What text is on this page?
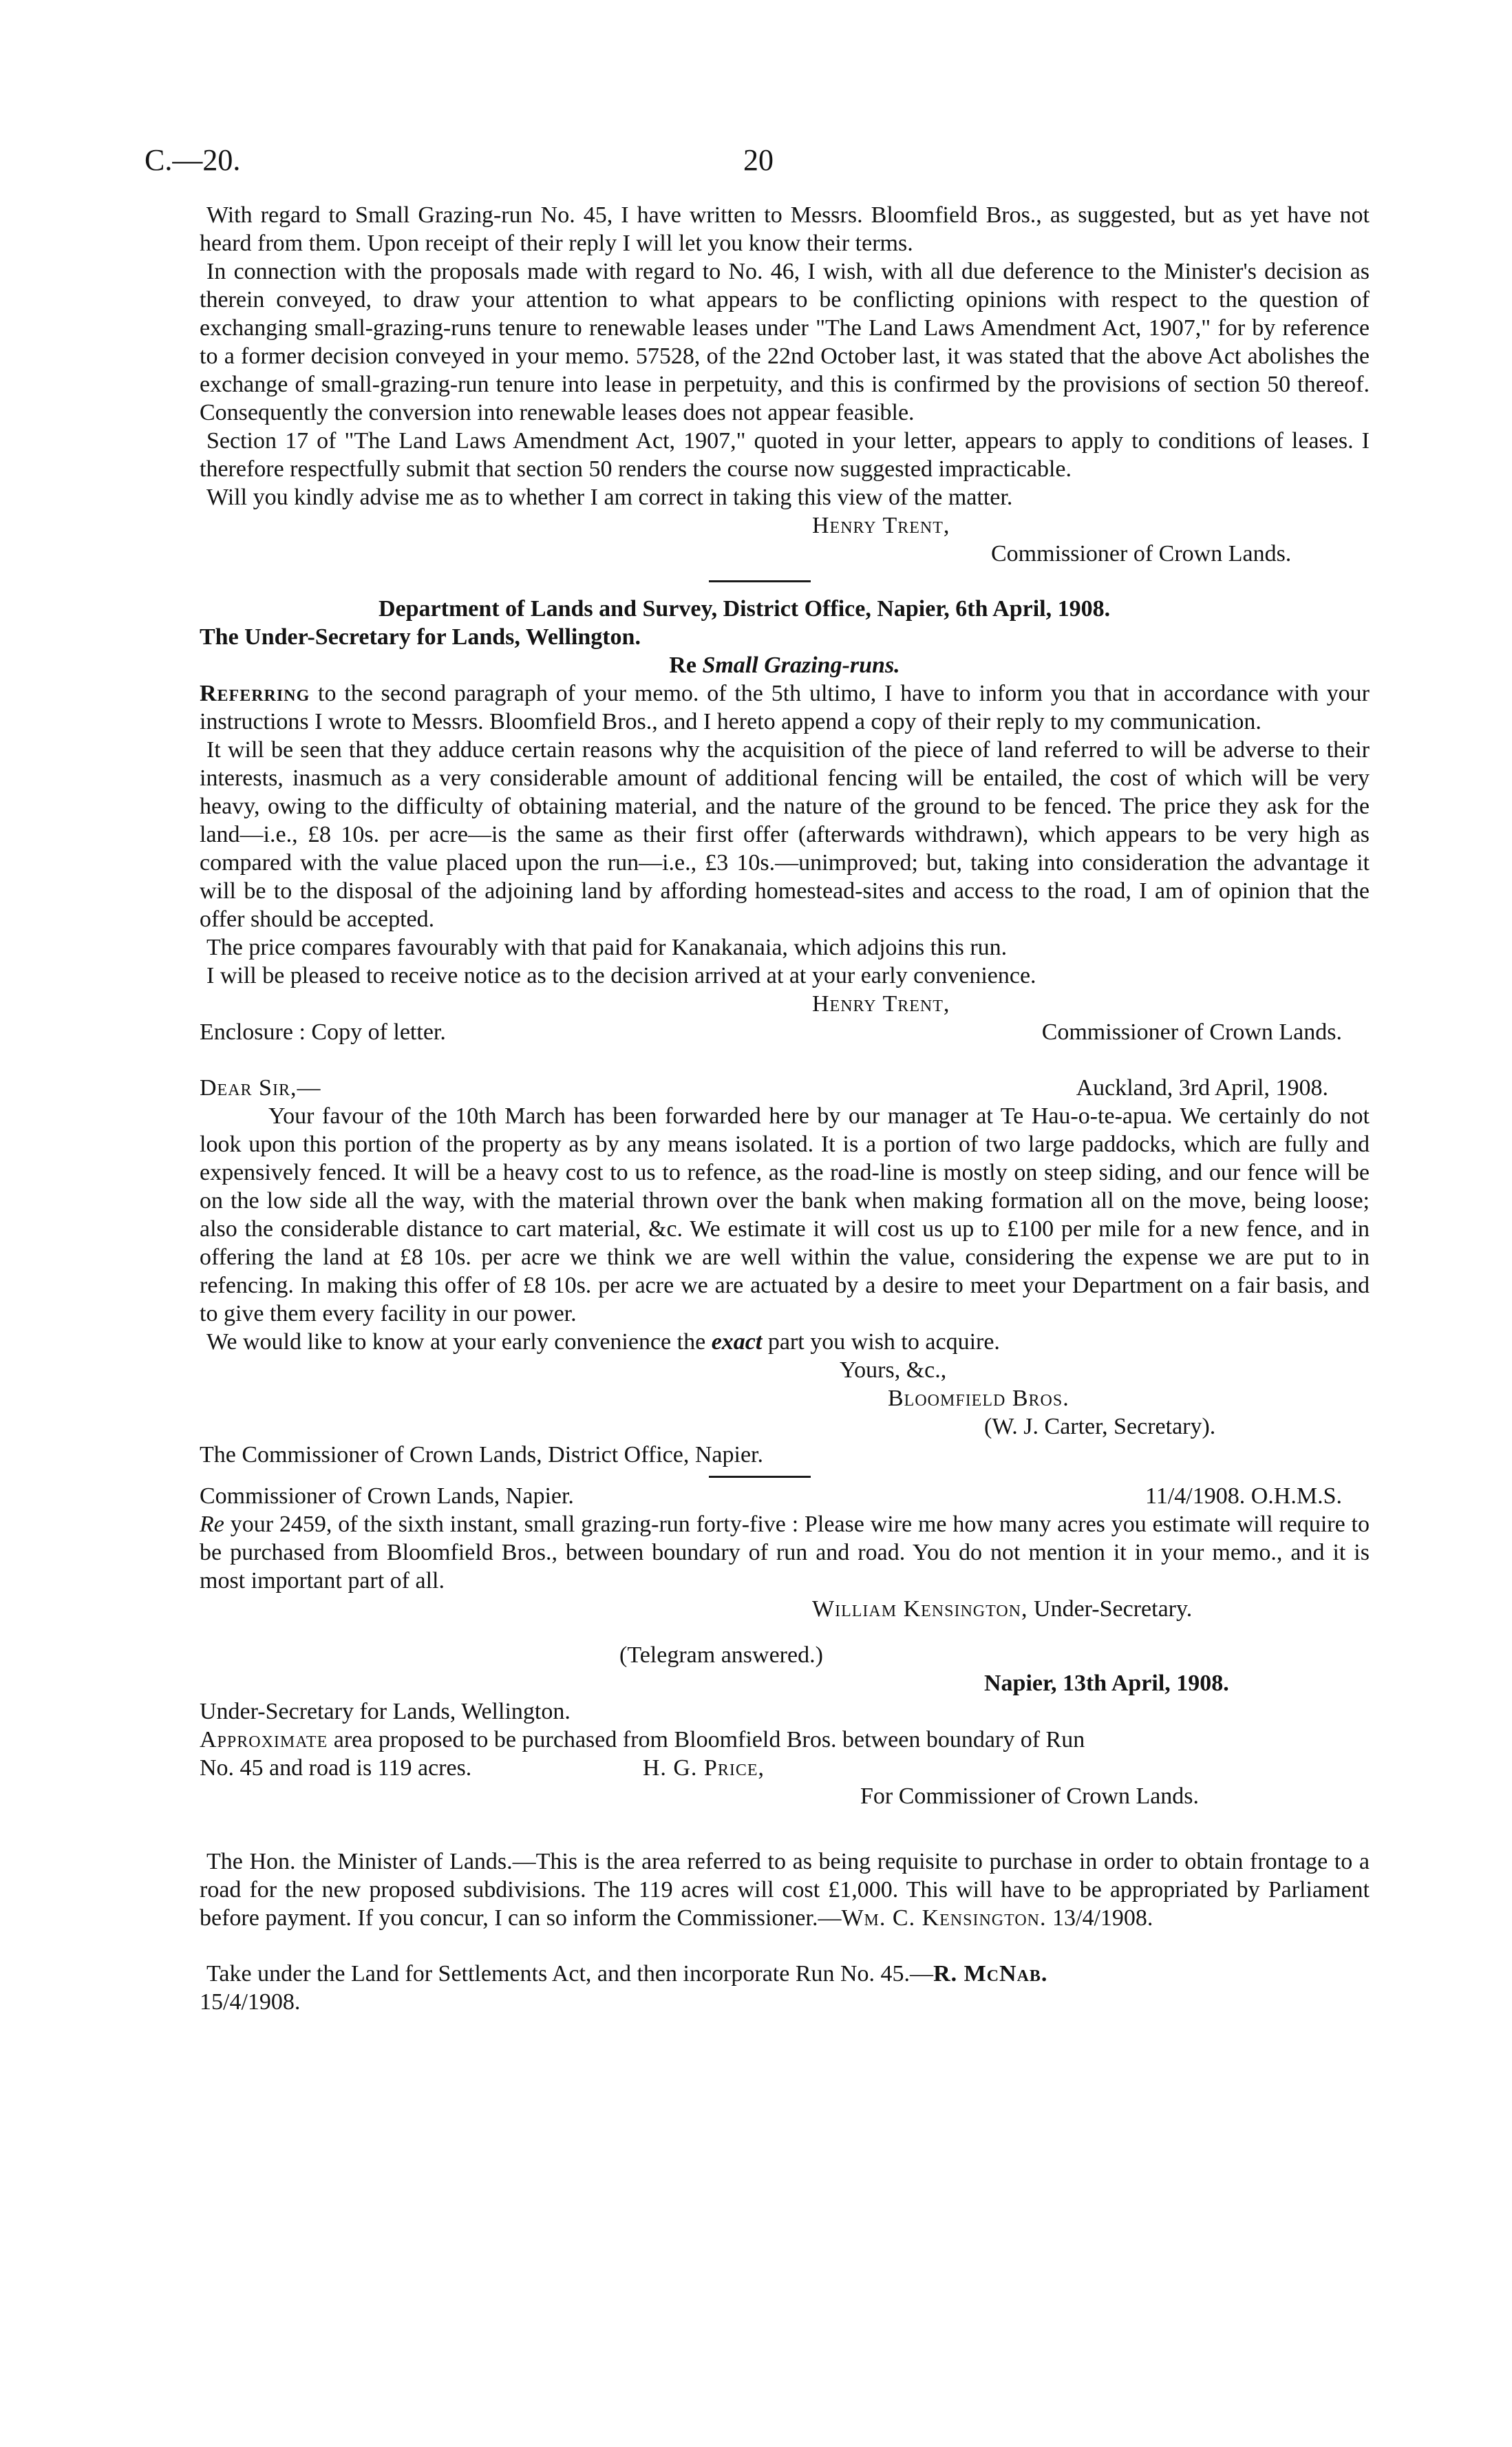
C.—20.	20

With regard to Small Grazing-run No. 45, I have written to Messrs. Bloomfield Bros., as suggested, but as yet have not heard from them. Upon receipt of their reply I will let you know their terms.

In connection with the proposals made with regard to No. 46, I wish, with all due deference to the Minister's decision as therein conveyed, to draw your attention to what appears to be conflicting opinions with respect to the question of exchanging small-grazing-runs tenure to renewable leases under "The Land Laws Amendment Act, 1907," for by reference to a former decision conveyed in your memo. 57528, of the 22nd October last, it was stated that the above Act abolishes the exchange of small-grazing-run tenure into lease in perpetuity, and this is confirmed by the provisions of section 50 thereof. Consequently the conversion into renewable leases does not appear feasible.

Section 17 of "The Land Laws Amendment Act, 1907," quoted in your letter, appears to apply to conditions of leases. I therefore respectfully submit that section 50 renders the course now suggested impracticable.

Will you kindly advise me as to whether I am correct in taking this view of the matter.

Henry Trent,
Commissioner of Crown Lands.
Department of Lands and Survey, District Office, Napier, 6th April, 1908.
The Under-Secretary for Lands, Wellington.
Re Small Grazing-runs.

Referring to the second paragraph of your memo. of the 5th ultimo, I have to inform you that in accordance with your instructions I wrote to Messrs. Bloomfield Bros., and I hereto append a copy of their reply to my communication.

It will be seen that they adduce certain reasons why the acquisition of the piece of land referred to will be adverse to their interests, inasmuch as a very considerable amount of additional fencing will be entailed, the cost of which will be very heavy, owing to the difficulty of obtaining material, and the nature of the ground to be fenced. The price they ask for the land—i.e., £8 10s. per acre—is the same as their first offer (afterwards withdrawn), which appears to be very high as compared with the value placed upon the run—i.e., £3 10s.—unimproved; but, taking into consideration the advantage it will be to the disposal of the adjoining land by affording homestead-sites and access to the road, I am of opinion that the offer should be accepted.

The price compares favourably with that paid for Kanakanaia, which adjoins this run.

I will be pleased to receive notice as to the decision arrived at at your early convenience.

Henry Trent,
Enclosure : Copy of letter.	Commissioner of Crown Lands.
Dear Sir,—	Auckland, 3rd April, 1908.

Your favour of the 10th March has been forwarded here by our manager at Te Hau-o-te-apua. We certainly do not look upon this portion of the property as by any means isolated. It is a portion of two large paddocks, which are fully and expensively fenced. It will be a heavy cost to us to refence, as the road-line is mostly on steep siding, and our fence will be on the low side all the way, with the material thrown over the bank when making formation all on the move, being loose; also the considerable distance to cart material, &c. We estimate it will cost us up to £100 per mile for a new fence, and in offering the land at £8 10s. per acre we think we are well within the value, considering the expense we are put to in refencing. In making this offer of £8 10s. per acre we are actuated by a desire to meet your Department on a fair basis, and to give them every facility in our power.

We would like to know at your early convenience the exact part you wish to acquire.

Yours, &c.,
Bloomfield Bros.
(W. J. Carter, Secretary).
The Commissioner of Crown Lands, District Office, Napier.
Commissioner of Crown Lands, Napier.	11/4/1908. O.H.M.S.

Re your 2459, of the sixth instant, small grazing-run forty-five : Please wire me how many acres you estimate will require to be purchased from Bloomfield Bros., between boundary of run and road. You do not mention it in your memo., and it is most important part of all.

William Kensington, Under-Secretary.
(Telegram answered.)
Napier, 13th April, 1908.
Under-Secretary for Lands, Wellington.
Approximate area proposed to be purchased from Bloomfield Bros. between boundary of Run
No. 45 and road is 119 acres.	H. G. Price,
For Commissioner of Crown Lands.

The Hon. the Minister of Lands.—This is the area referred to as being requisite to purchase in order to obtain frontage to a road for the new proposed subdivisions. The 119 acres will cost £1,000. This will have to be appropriated by Parliament before payment. If you concur, I can so inform the Commissioner.—Wm. C. Kensington. 13/4/1908.

Take under the Land for Settlements Act, and then incorporate Run No. 45.—R. McNab.

15/4/1908.
